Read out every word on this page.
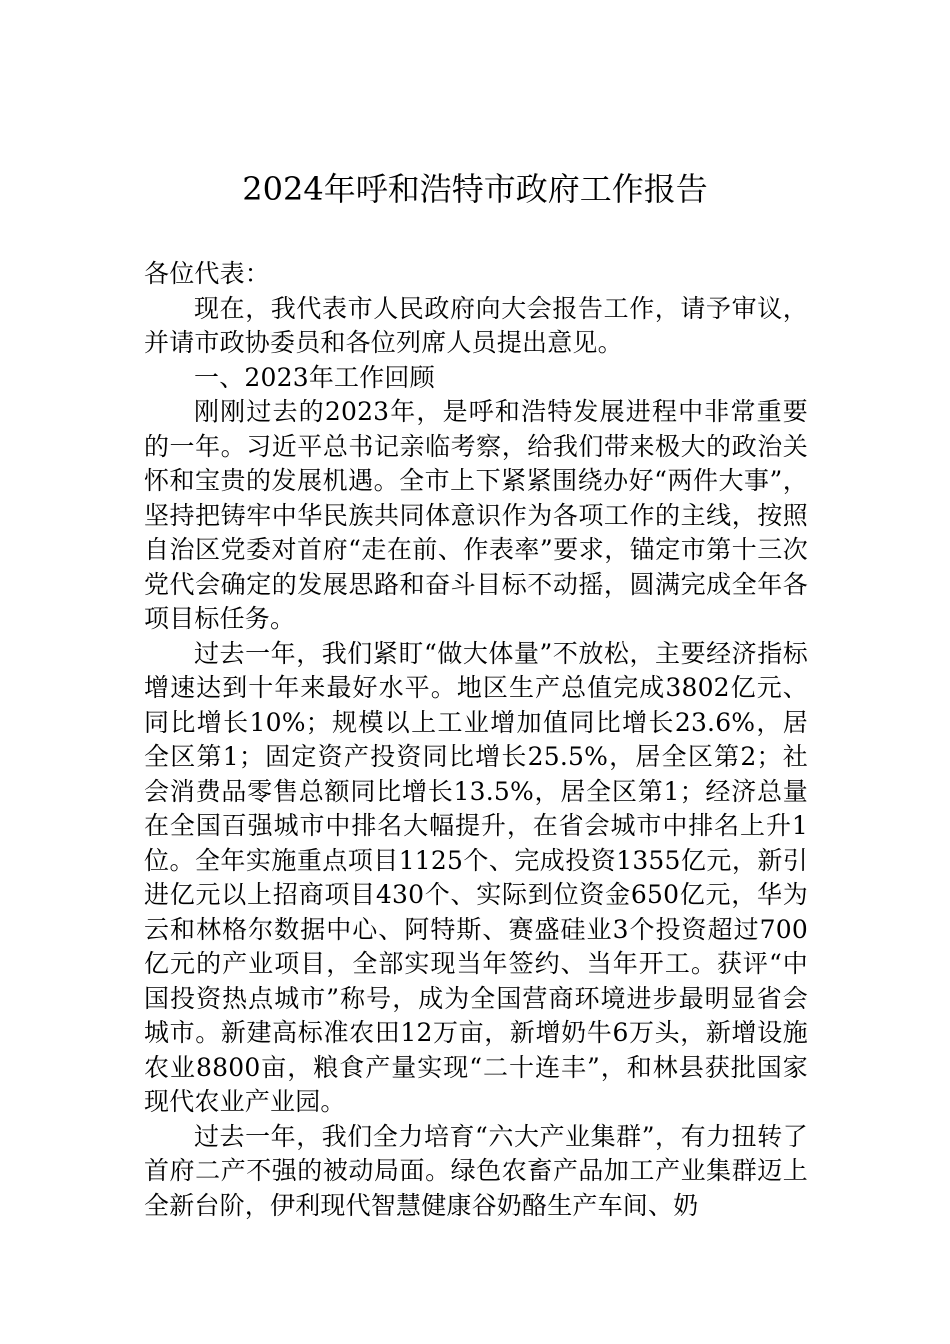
2024年呼和浩特市政府工作报告

各位代表：

现在，我代表市人民政府向大会报告工作，请予审议，并请市政协委员和各位列席人员提出意见。

一、2023年工作回顾

刚刚过去的2023年，是呼和浩特发展进程中非常重要的一年。习近平总书记亲临考察，给我们带来极大的政治关怀和宝贵的发展机遇。全市上下紧紧围绕办好“两件大事”，坚持把铸牢中华民族共同体意识作为各项工作的主线，按照自治区党委对首府“走在前、作表率”要求，锚定市第十三次党代会确定的发展思路和奋斗目标不动摇，圆满完成全年各项目标任务。

过去一年，我们紧盯“做大体量”不放松，主要经济指标增速达到十年来最好水平。地区生产总值完成3802亿元、同比增长10%；规模以上工业增加值同比增长23.6%，居全区第1；固定资产投资同比增长25.5%，居全区第2；社会消费品零售总额同比增长13.5%，居全区第1；经济总量在全国百强城市中排名大幅提升，在省会城市中排名上升1位。全年实施重点项目1125个、完成投资1355亿元，新引进亿元以上招商项目430个、实际到位资金650亿元，华为云和林格尔数据中心、阿特斯、赛盛硅业3个投资超过700亿元的产业项目，全部实现当年签约、当年开工。获评“中国投资热点城市”称号，成为全国营商环境进步最明显省会城市。新建高标准农田12万亩，新增奶牛6万头，新增设施农业8800亩，粮食产量实现“二十连丰”，和林县获批国家现代农业产业园。

过去一年，我们全力培育“六大产业集群”，有力扭转了首府二产不强的被动局面。绿色农畜产品加工产业集群迈上全新台阶，伊利现代智慧健康谷奶酪生产车间、奶
